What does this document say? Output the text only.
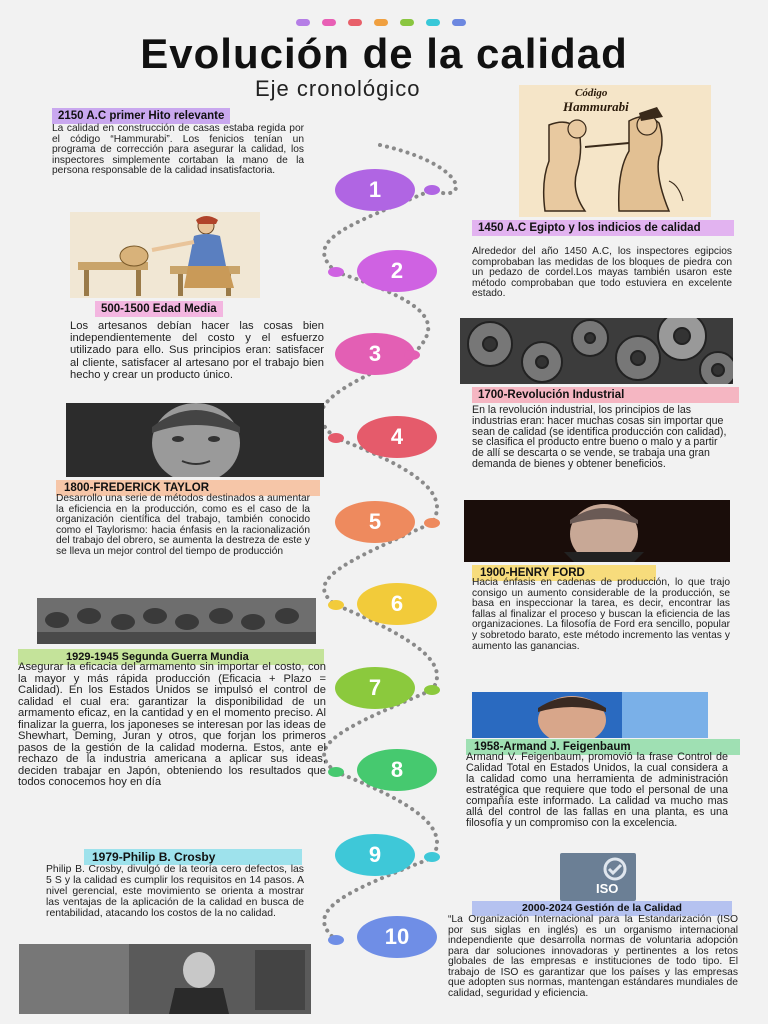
Evolución de la calidad
Eje cronológico
1
2
3
4
5
6
7
8
9
10
2150 A.C primer Hito relevante
La calidad en construcción de casas estaba regida por el código “Hammurabi”. Los fenicios tenían un programa de corrección para asegurar la calidad, los inspectores simplemente cortaban la mano de la persona responsable de la calidad insatisfactoria.
Código
Hammurabi
1450 A.C Egipto y los indicios de calidad
Alrededor del año 1450 A.C, los inspectores egipcios comprobaban las medidas de los bloques de piedra con un pedazo de cordel.Los mayas también usaron este método comprobaban que todo estuviera en excelente estado.
500-1500 Edad Media
Los artesanos debían hacer las cosas bien independientemente del costo y el esfuerzo utilizado para ello. Sus principios eran: satisfacer al cliente, satisfacer al artesano por el trabajo bien hecho y crear un producto único.
1700-Revolución Industrial
En la revolución industrial, los principios de las industrias eran: hacer muchas cosas sin importar que sean de calidad (se identifica producción con calidad), se clasifica el producto entre bueno o malo y a partir de allí se descarta o se vende, se trabaja una gran demanda de bienes y obtener beneficios.
1800-FREDERICK TAYLOR
Desarrollo una serie de métodos destinados a aumentar la eficiencia en la producción, como es el caso de la organización científica del trabajo, también conocido como el Taylorismo: hacia énfasis en la racionalización del trabajo del obrero, se aumenta la destreza de este y se lleva un mejor control del tiempo de producción
1900-HENRY FORD
Hacia énfasis en cadenas de producción, lo que trajo consigo un aumento considerable de la producción, se basa en inspeccionar la tarea, es decir, encontrar las fallas al finalizar el proceso y buscan la eficiencia de las organizaciones. La filosofía de Ford era sencillo, popular y sobretodo barato, este método incremento las ventas y aumento las ganancias.
1929-1945 Segunda Guerra Mundia
Asegurar la eficacia del armamento sin importar el costo, con la mayor y más rápida producción (Eficacia + Plazo = Calidad). En los Estados Unidos se impulsó el control de calidad el cual era: garantizar la disponibilidad de un armamento eficaz, en la cantidad y en el momento preciso. Al finalizar la guerra, los japoneses se interesan por las ideas de Shewhart, Deming, Juran y otros, que forjan los primeros pasos de la gestión de la calidad moderna. Estos, ante el rechazo de la industria americana a aplicar sus ideas, deciden trabajar en Japón, obteniendo los resultados que todos conocemos hoy en día
1958-Armand J. Feigenbaum
Armand V. Feigenbaum, promovió la frase Control de Calidad Total en Estados Unidos, la cual considera a la calidad como una herramienta de administración estratégica que requiere que todo el personal de una compañía este informado. La calidad va mucho mas allá del control de las fallas en una planta, es una filosofía y un compromiso con la excelencia.
1979-Philip B. Crosby
Philip B. Crosby, divulgó de la teoría cero defectos, las 5 S y la calidad es cumplir los requisitos en 14 pasos. A nivel gerencial, este movimiento se orienta a mostrar las ventajas de la aplicación de la calidad en busca de rentabilidad, atacando los costos de la no calidad.
ISO
2000-2024 Gestión de la Calidad
“La Organización Internacional para la Estandarización (ISO por sus siglas en inglés) es un organismo internacional independiente que desarrolla normas de voluntaria adopción para dar soluciones innovadoras y pertinentes a los retos globales de las empresas e instituciones de todo tipo. El trabajo de ISO es garantizar que los países y las empresas que adopten sus normas, mantengan estándares mundiales de calidad, seguridad y eficiencia.
